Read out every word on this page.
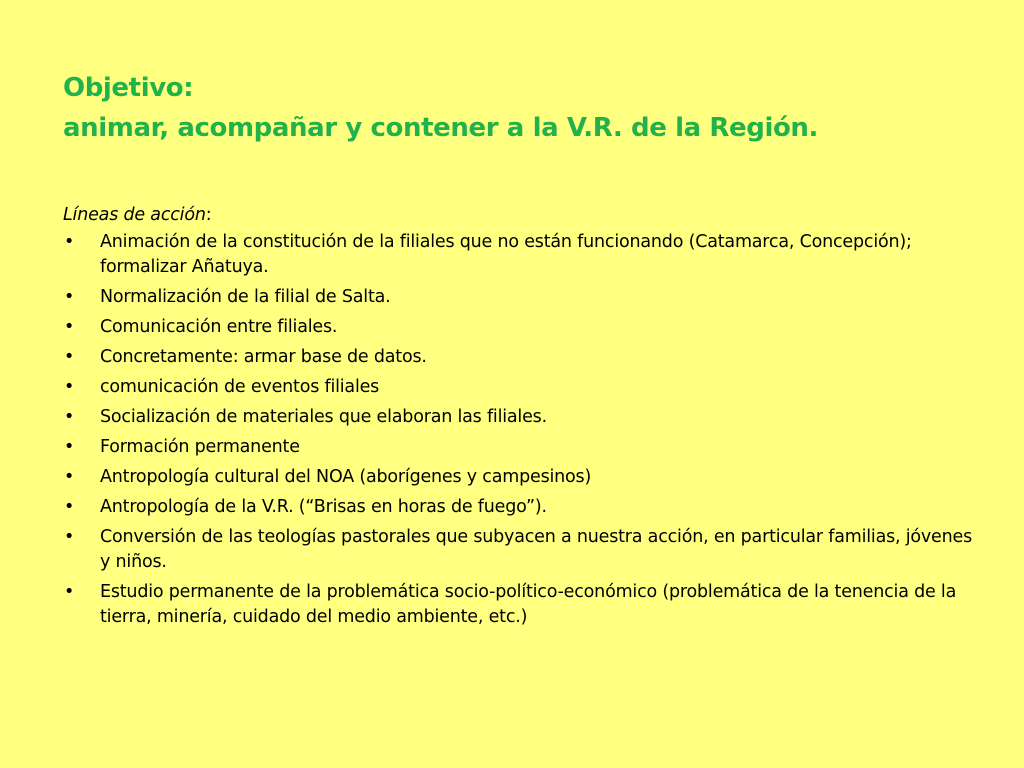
Objetivo:
animar, acompañar y contener a la V.R. de la Región.

Líneas de acción:

• Animación de la constitución de la filiales que no están funcionando (Catamarca, Concepción); formalizar Añatuya.
• Normalización de la filial de Salta.
• Comunicación entre filiales.
• Concretamente: armar base de datos.
• comunicación de eventos filiales
• Socialización de materiales que elaboran las filiales.
• Formación permanente
• Antropología cultural del NOA (aborígenes y campesinos)
• Antropología de la V.R. (“Brisas en horas de fuego”).
• Conversión de las teologías pastorales que subyacen a nuestra acción, en particular familias, jóvenes y niños.
• Estudio permanente de la problemática socio-político-económico (problemática de la tenencia de la tierra, minería, cuidado del medio ambiente, etc.)
